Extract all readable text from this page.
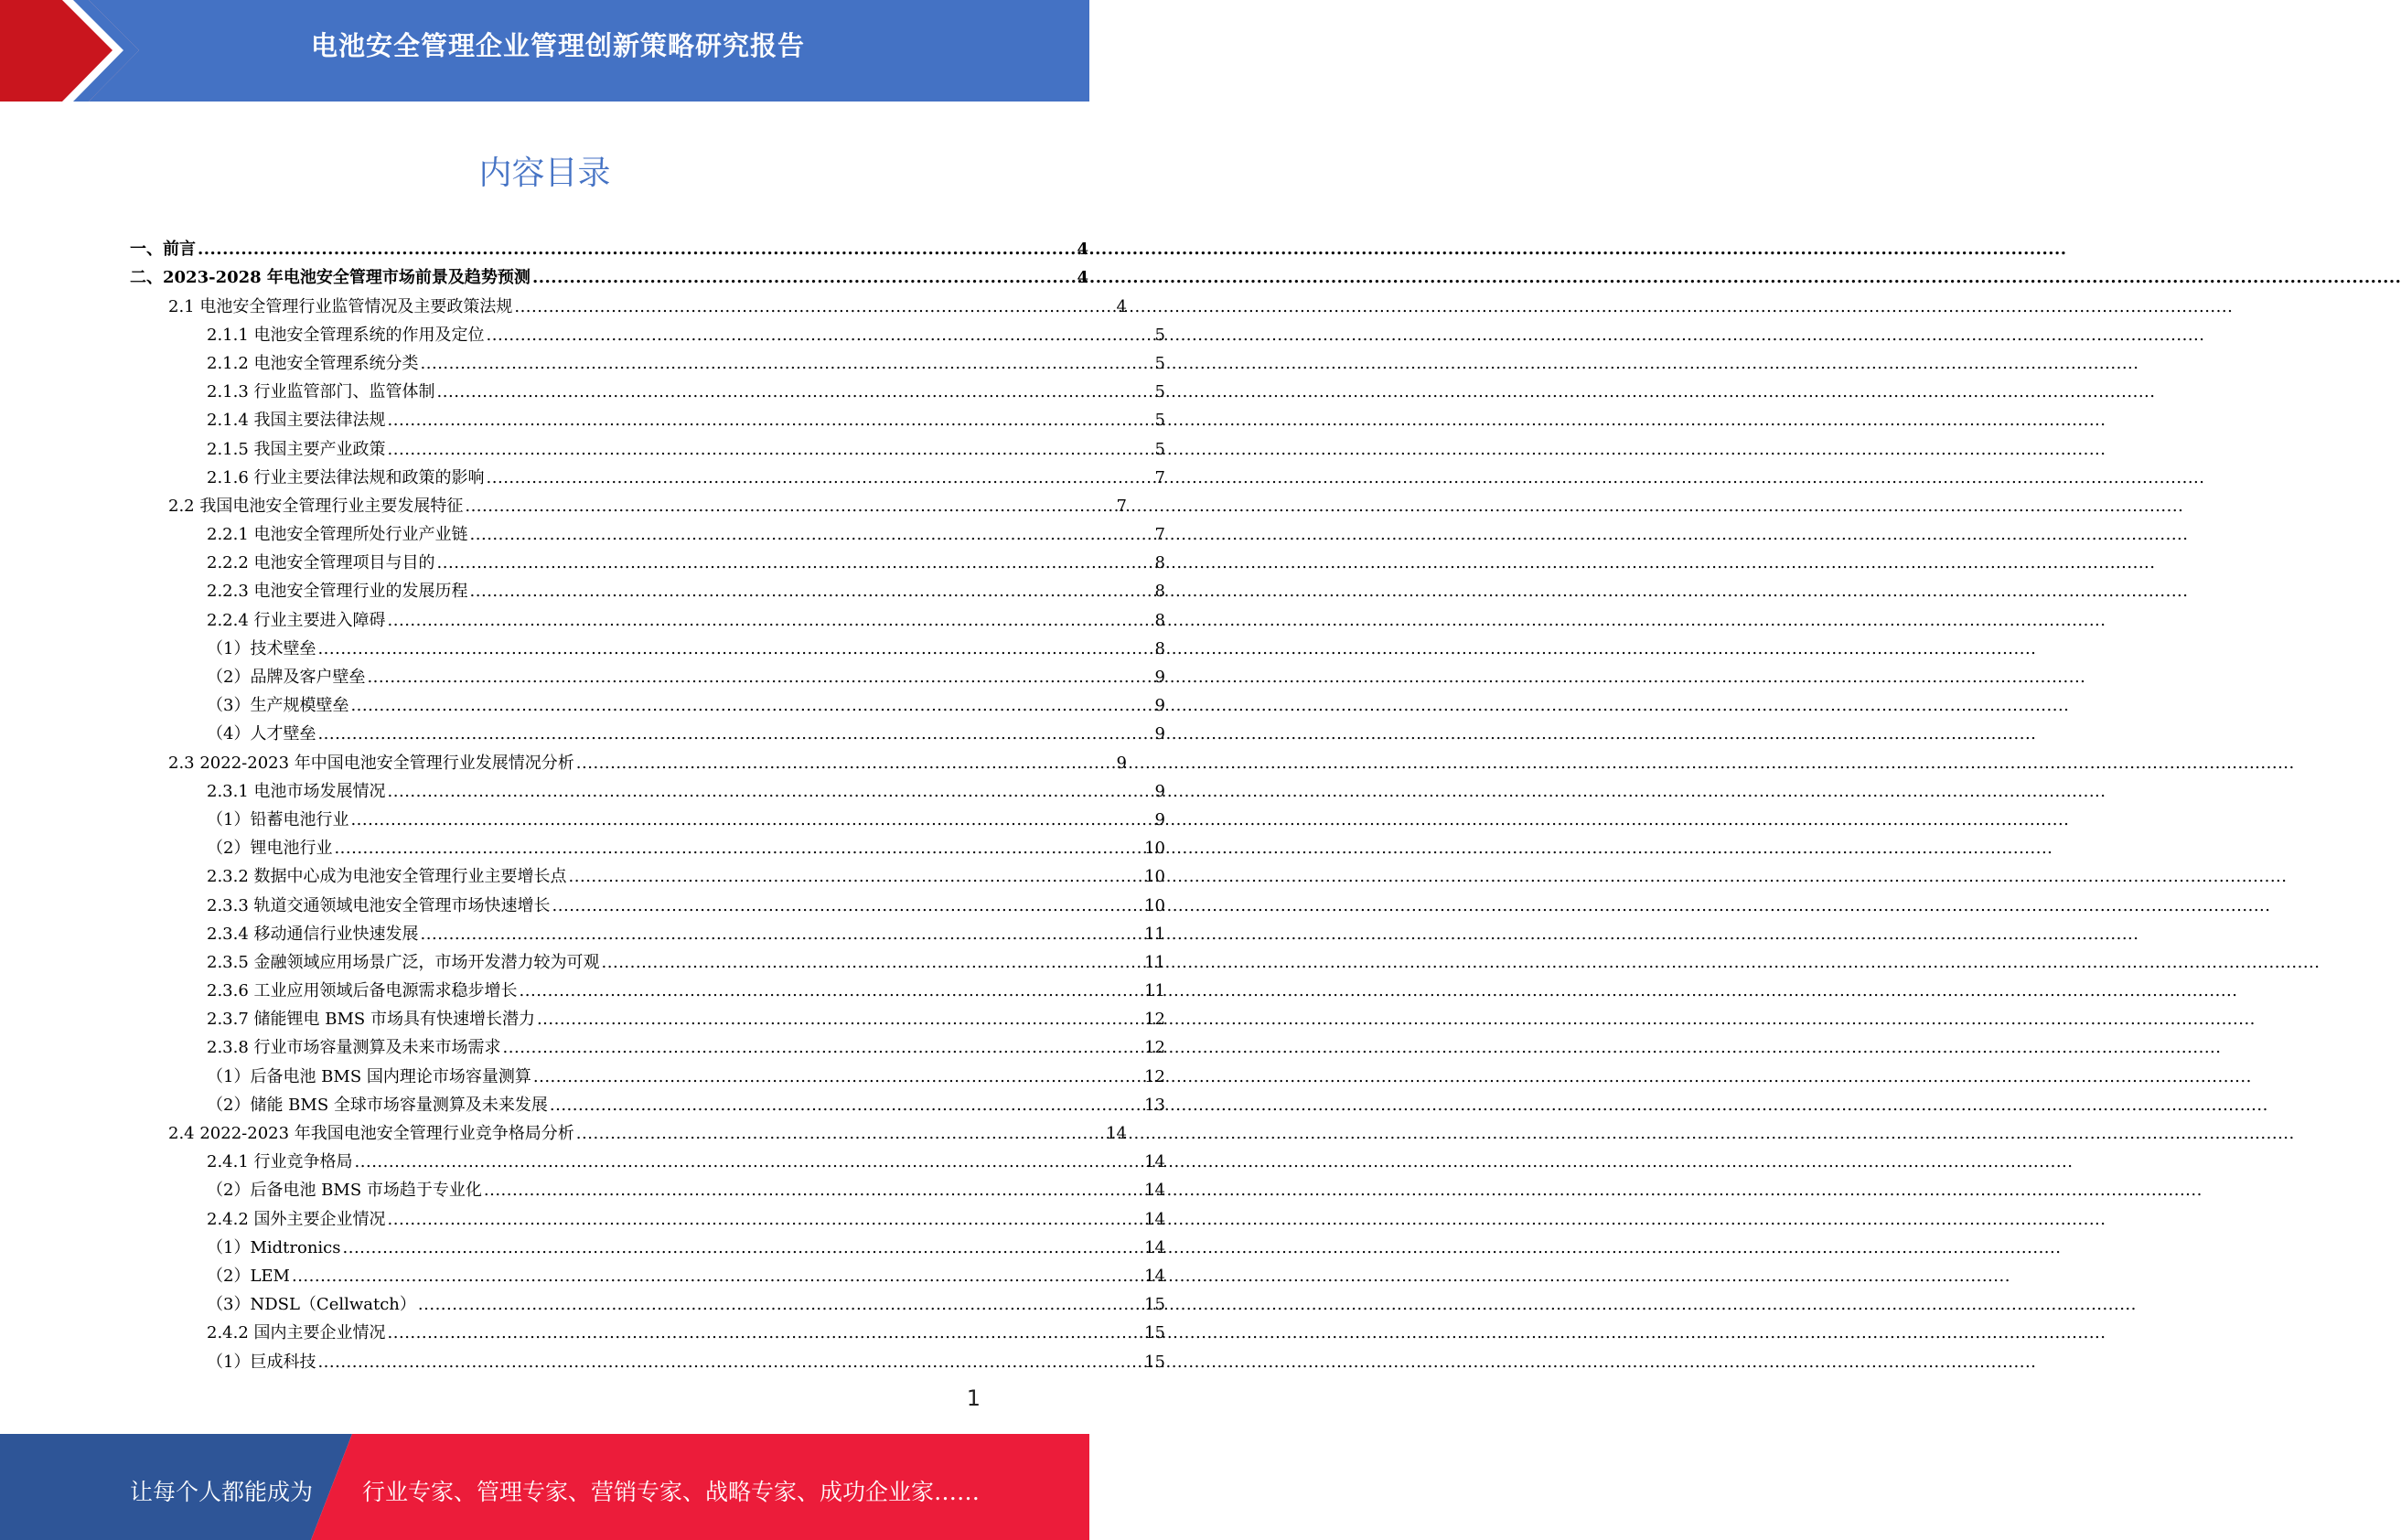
电池安全管理企业管理创新策略研究报告
内容目录
一、前言 .....	4
二、2023-2028 年电池安全管理市场前景及趋势预测 .....	4
2.1 电池安全管理行业监管情况及主要政策法规 .....	4
2.1.1 电池安全管理系统的作用及定位 .....	5
2.1.2 电池安全管理系统分类 .....	5
2.1.3 行业监管部门、监管体制 .....	5
2.1.4 我国主要法律法规 .....	5
2.1.5 我国主要产业政策 .....	5
2.1.6 行业主要法律法规和政策的影响 .....	7
2.2 我国电池安全管理行业主要发展特征 .....	7
2.2.1 电池安全管理所处行业产业链 .....	7
2.2.2 电池安全管理项目与目的 .....	8
2.2.3 电池安全管理行业的发展历程 .....	8
2.2.4 行业主要进入障碍 .....	8
（1）技术壁垒 .....	8
（2）品牌及客户壁垒 .....	9
（3）生产规模壁垒 .....	9
（4）人才壁垒 .....	9
2.3 2022-2023 年中国电池安全管理行业发展情况分析 .....	9
2.3.1 电池市场发展情况 .....	9
（1）铅蓄电池行业 .....	9
（2）锂电池行业 .....	10
2.3.2 数据中心成为电池安全管理行业主要增长点 .....	10
2.3.3 轨道交通领域电池安全管理市场快速增长 .....	10
2.3.4 移动通信行业快速发展 .....	11
2.3.5 金融领域应用场景广泛，市场开发潜力较为可观 .....	11
2.3.6 工业应用领域后备电源需求稳步增长 .....	11
2.3.7 储能锂电 BMS 市场具有快速增长潜力 .....	12
2.3.8 行业市场容量测算及未来市场需求 .....	12
（1）后备电池 BMS 国内理论市场容量测算 .....	12
（2）储能 BMS 全球市场容量测算及未来发展 .....	13
2.4 2022-2023 年我国电池安全管理行业竞争格局分析 .....	14
2.4.1 行业竞争格局 .....	14
（2）后备电池 BMS 市场趋于专业化 .....	14
2.4.2 国外主要企业情况 .....	14
（1）Midtronics .....	14
（2）LEM .....	14
（3）NDSL（Cellwatch） .....	15
2.4.2 国内主要企业情况 .....	15
（1）巨成科技 .....	15
1
让每个人都能成为 行业专家、管理专家、营销专家、战略专家、成功企业家……
